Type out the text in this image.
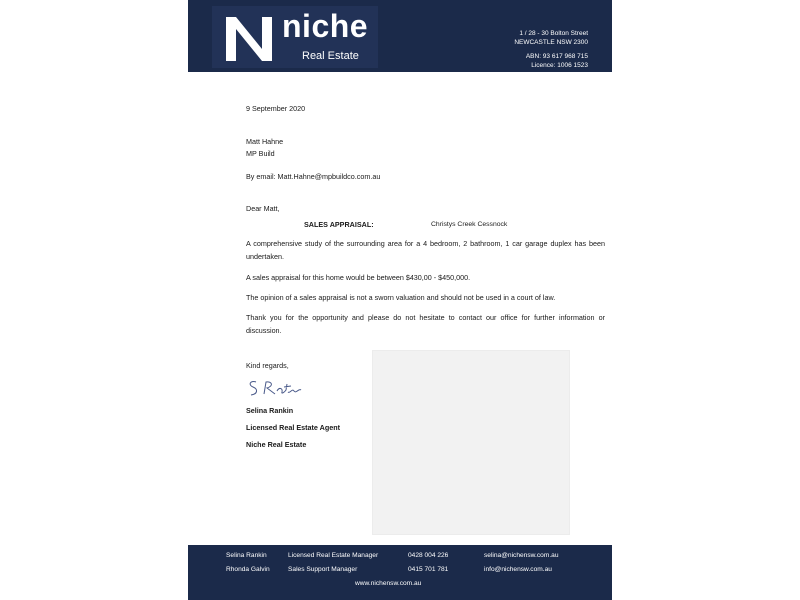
niche
Real Estate
1 / 28 - 30 Bolton Street
NEWCASTLE NSW 2300
ABN: 93 617 968 715
Licence: 1006 1523
9 September 2020
Matt Hahne
MP Build
By email: Matt.Hahne@mpbuildco.com.au
Dear Matt,
SALES APPRAISAL:	Christys Creek Cessnock
A comprehensive study of the surrounding area for a 4 bedroom, 2 bathroom, 1 car garage duplex has been undertaken.
A sales appraisal for this home would be between $430,00 - $450,000.
The opinion of a sales appraisal is not a sworn valuation and should not be used in a court of law.
Thank you for the opportunity and please do not hesitate to contact our office for further information or discussion.
Kind regards,
Selina Rankin
Licensed Real Estate Agent
Niche Real Estate
Selina Rankin	Licensed Real Estate Manager	0428 004 226	selina@nichensw.com.au
Rhonda Galvin	Sales Support Manager	0415 701 781	info@nichensw.com.au
www.nichensw.com.au
